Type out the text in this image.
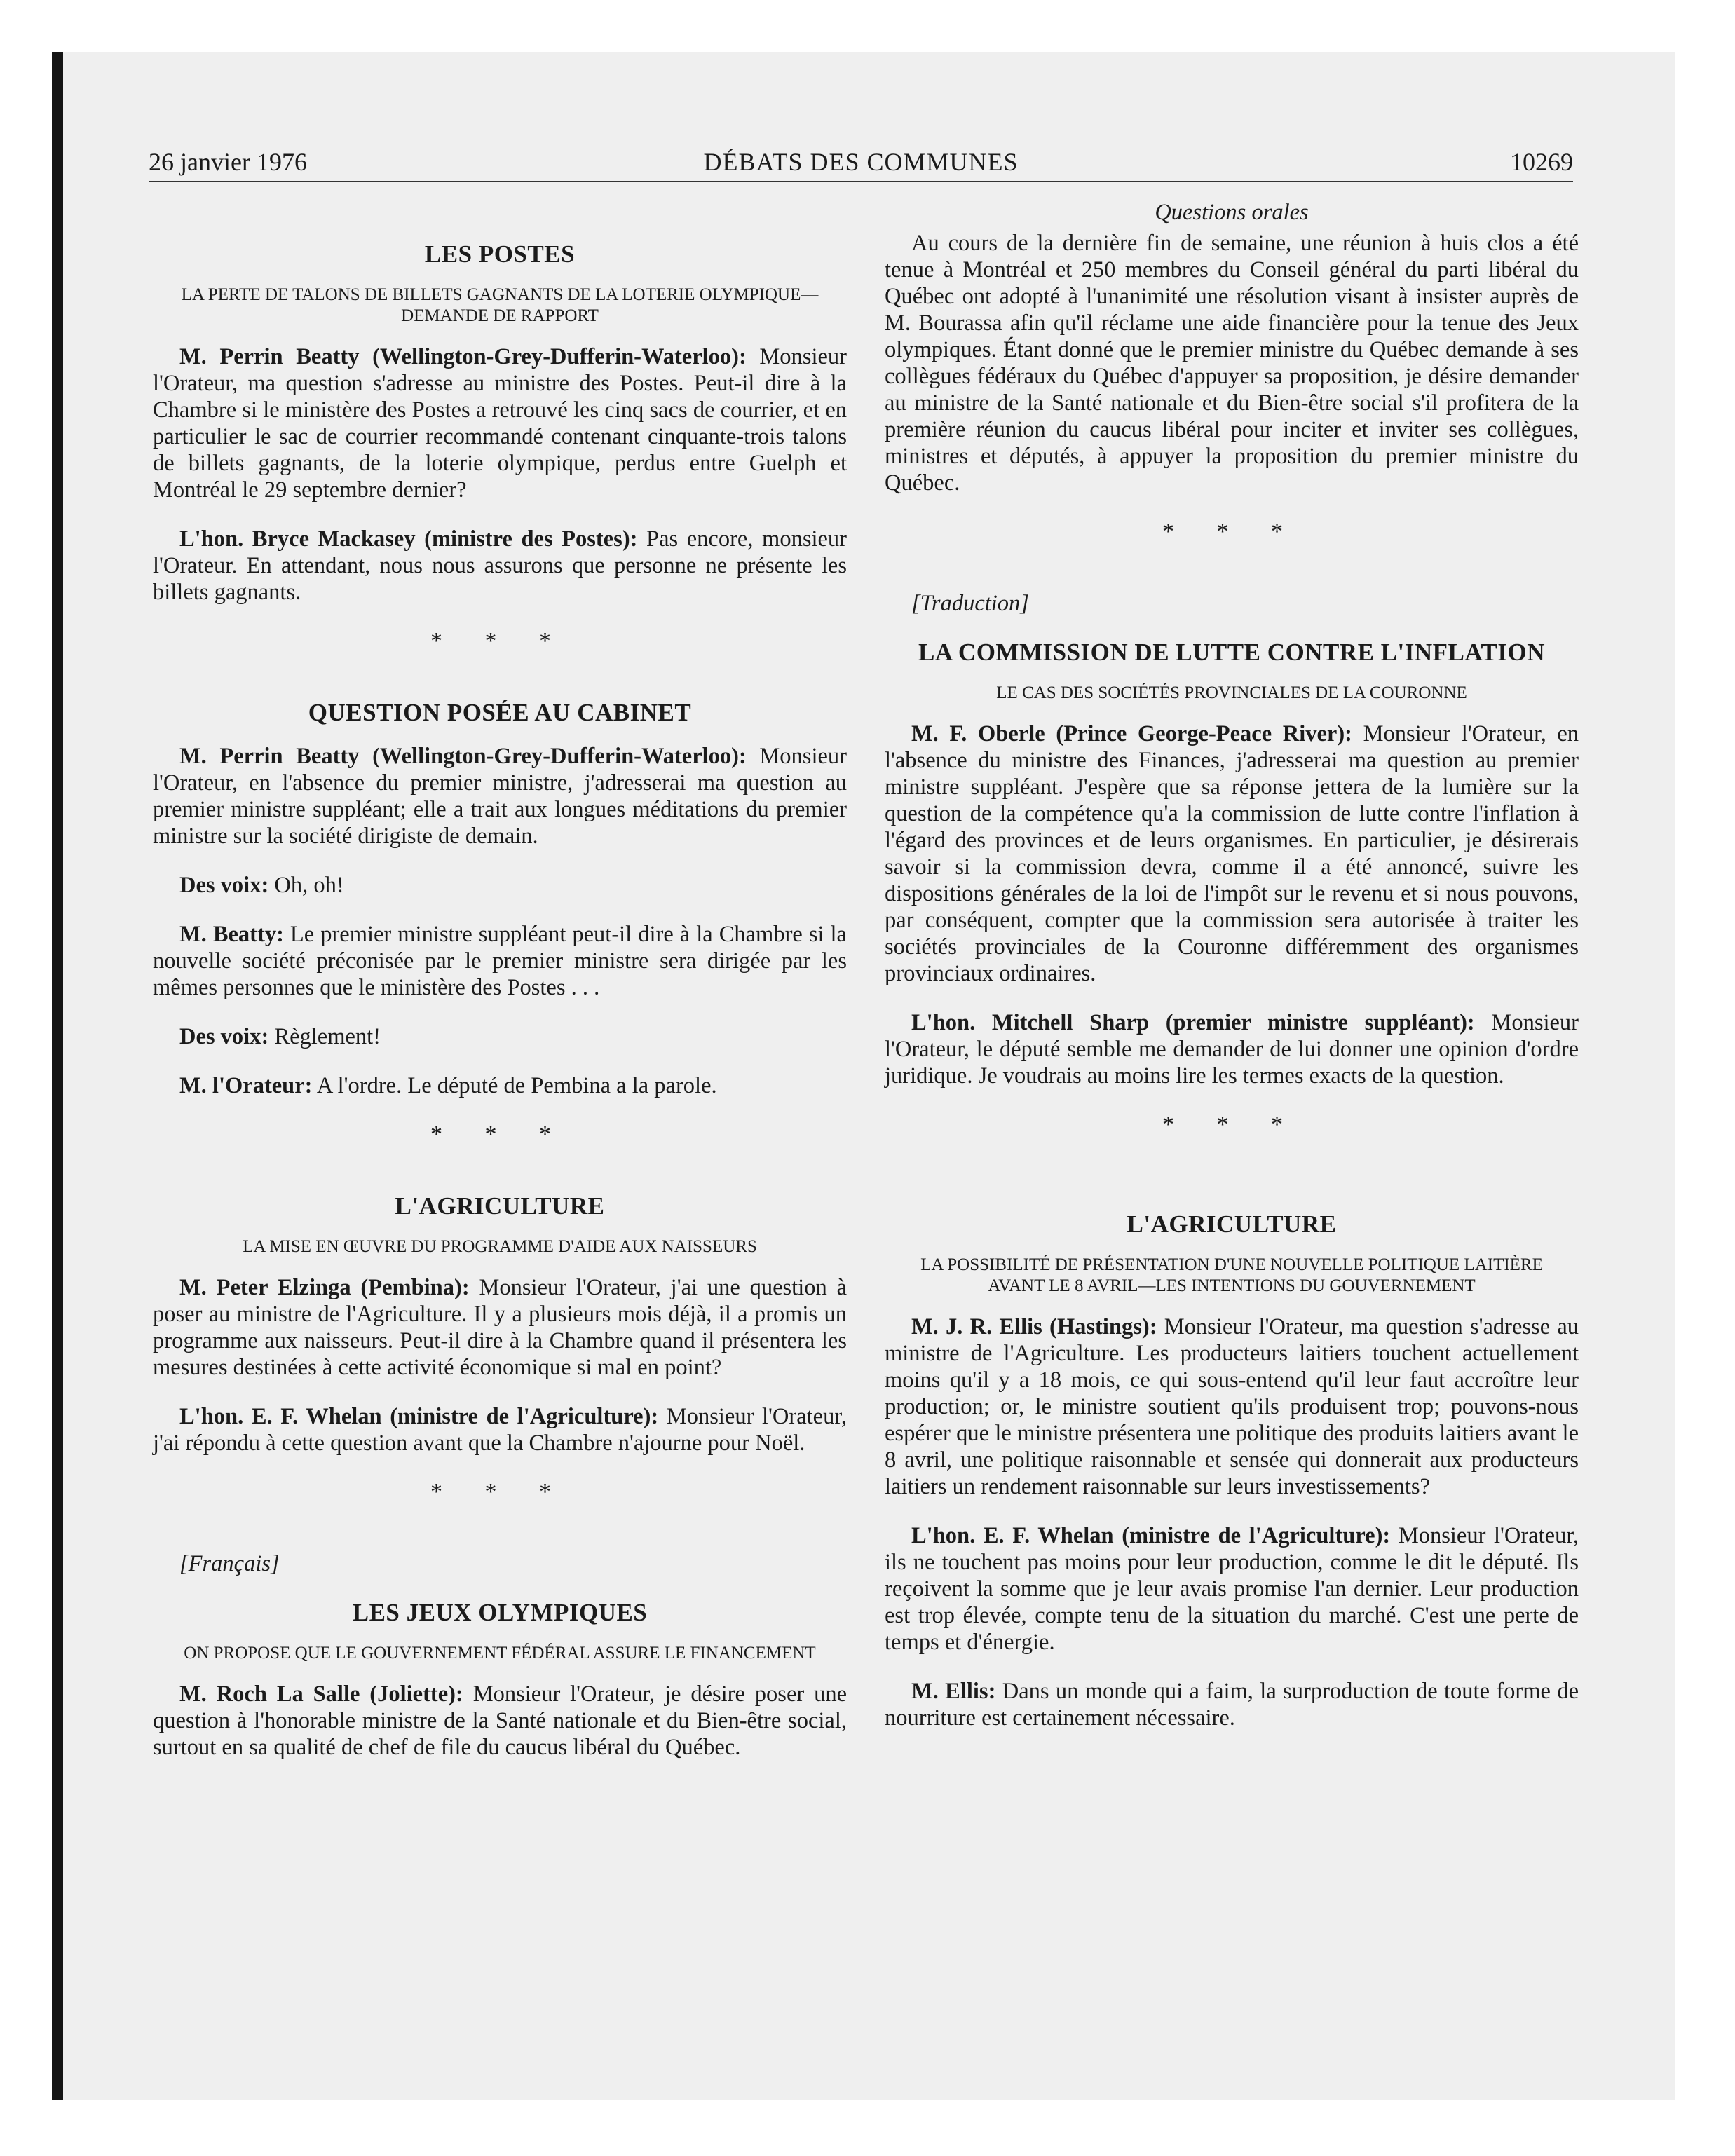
26 janvier 1976	DÉBATS DES COMMUNES	10269
LES POSTES
LA PERTE DE TALONS DE BILLETS GAGNANTS DE LA LOTERIE OLYMPIQUE—DEMANDE DE RAPPORT

M. Perrin Beatty (Wellington-Grey-Dufferin-Waterloo): Monsieur l'Orateur, ma question s'adresse au ministre des Postes. Peut-il dire à la Chambre si le ministère des Postes a retrouvé les cinq sacs de courrier, et en particulier le sac de courrier recommandé contenant cinquante-trois talons de billets gagnants, de la loterie olympique, perdus entre Guelph et Montréal le 29 septembre dernier?

L'hon. Bryce Mackasey (ministre des Postes): Pas encore, monsieur l'Orateur. En attendant, nous nous assurons que personne ne présente les billets gagnants.

* * *
QUESTION POSÉE AU CABINET

M. Perrin Beatty (Wellington-Grey-Dufferin-Waterloo): Monsieur l'Orateur, en l'absence du premier ministre, j'adresserai ma question au premier ministre suppléant; elle a trait aux longues méditations du premier ministre sur la société dirigiste de demain.

Des voix: Oh, oh!

M. Beatty: Le premier ministre suppléant peut-il dire à la Chambre si la nouvelle société préconisée par le premier ministre sera dirigée par les mêmes personnes que le ministère des Postes . . .

Des voix: Règlement!

M. l'Orateur: A l'ordre. Le député de Pembina a la parole.

* * *
L'AGRICULTURE
LA MISE EN ŒUVRE DU PROGRAMME D'AIDE AUX NAISSEURS

M. Peter Elzinga (Pembina): Monsieur l'Orateur, j'ai une question à poser au ministre de l'Agriculture. Il y a plusieurs mois déjà, il a promis un programme aux naisseurs. Peut-il dire à la Chambre quand il présentera les mesures destinées à cette activité économique si mal en point?

L'hon. E. F. Whelan (ministre de l'Agriculture): Monsieur l'Orateur, j'ai répondu à cette question avant que la Chambre n'ajourne pour Noël.

* * *

[Français]

LES JEUX OLYMPIQUES
ON PROPOSE QUE LE GOUVERNEMENT FÉDÉRAL ASSURE LE FINANCEMENT

M. Roch La Salle (Joliette): Monsieur l'Orateur, je désire poser une question à l'honorable ministre de la Santé nationale et du Bien-être social, surtout en sa qualité de chef de file du caucus libéral du Québec.

Questions orales

Au cours de la dernière fin de semaine, une réunion à huis clos a été tenue à Montréal et 250 membres du Conseil général du parti libéral du Québec ont adopté à l'unanimité une résolution visant à insister auprès de M. Bourassa afin qu'il réclame une aide financière pour la tenue des Jeux olympiques. Étant donné que le premier ministre du Québec demande à ses collègues fédéraux du Québec d'appuyer sa proposition, je désire demander au ministre de la Santé nationale et du Bien-être social s'il profitera de la première réunion du caucus libéral pour inciter et inviter ses collègues, ministres et députés, à appuyer la proposition du premier ministre du Québec.

* * *

[Traduction]

LA COMMISSION DE LUTTE CONTRE L'INFLATION
LE CAS DES SOCIÉTÉS PROVINCIALES DE LA COURONNE

M. F. Oberle (Prince George-Peace River): Monsieur l'Orateur, en l'absence du ministre des Finances, j'adresserai ma question au premier ministre suppléant. J'espère que sa réponse jettera de la lumière sur la question de la compétence qu'a la commission de lutte contre l'inflation à l'égard des provinces et de leurs organismes. En particulier, je désirerais savoir si la commission devra, comme il a été annoncé, suivre les dispositions générales de la loi de l'impôt sur le revenu et si nous pouvons, par conséquent, compter que la commission sera autorisée à traiter les sociétés provinciales de la Couronne différemment des organismes provinciaux ordinaires.

L'hon. Mitchell Sharp (premier ministre suppléant): Monsieur l'Orateur, le député semble me demander de lui donner une opinion d'ordre juridique. Je voudrais au moins lire les termes exacts de la question.

* * *
L'AGRICULTURE
LA POSSIBILITÉ DE PRÉSENTATION D'UNE NOUVELLE POLITIQUE LAITIÈRE AVANT LE 8 AVRIL—LES INTENTIONS DU GOUVERNEMENT

M. J. R. Ellis (Hastings): Monsieur l'Orateur, ma question s'adresse au ministre de l'Agriculture. Les producteurs laitiers touchent actuellement moins qu'il y a 18 mois, ce qui sous-entend qu'il leur faut accroître leur production; or, le ministre soutient qu'ils produisent trop; pouvons-nous espérer que le ministre présentera une politique des produits laitiers avant le 8 avril, une politique raisonnable et sensée qui donnerait aux producteurs laitiers un rendement raisonnable sur leurs investissements?

L'hon. E. F. Whelan (ministre de l'Agriculture): Monsieur l'Orateur, ils ne touchent pas moins pour leur production, comme le dit le député. Ils reçoivent la somme que je leur avais promise l'an dernier. Leur production est trop élevée, compte tenu de la situation du marché. C'est une perte de temps et d'énergie.

M. Ellis: Dans un monde qui a faim, la surproduction de toute forme de nourriture est certainement nécessaire.
